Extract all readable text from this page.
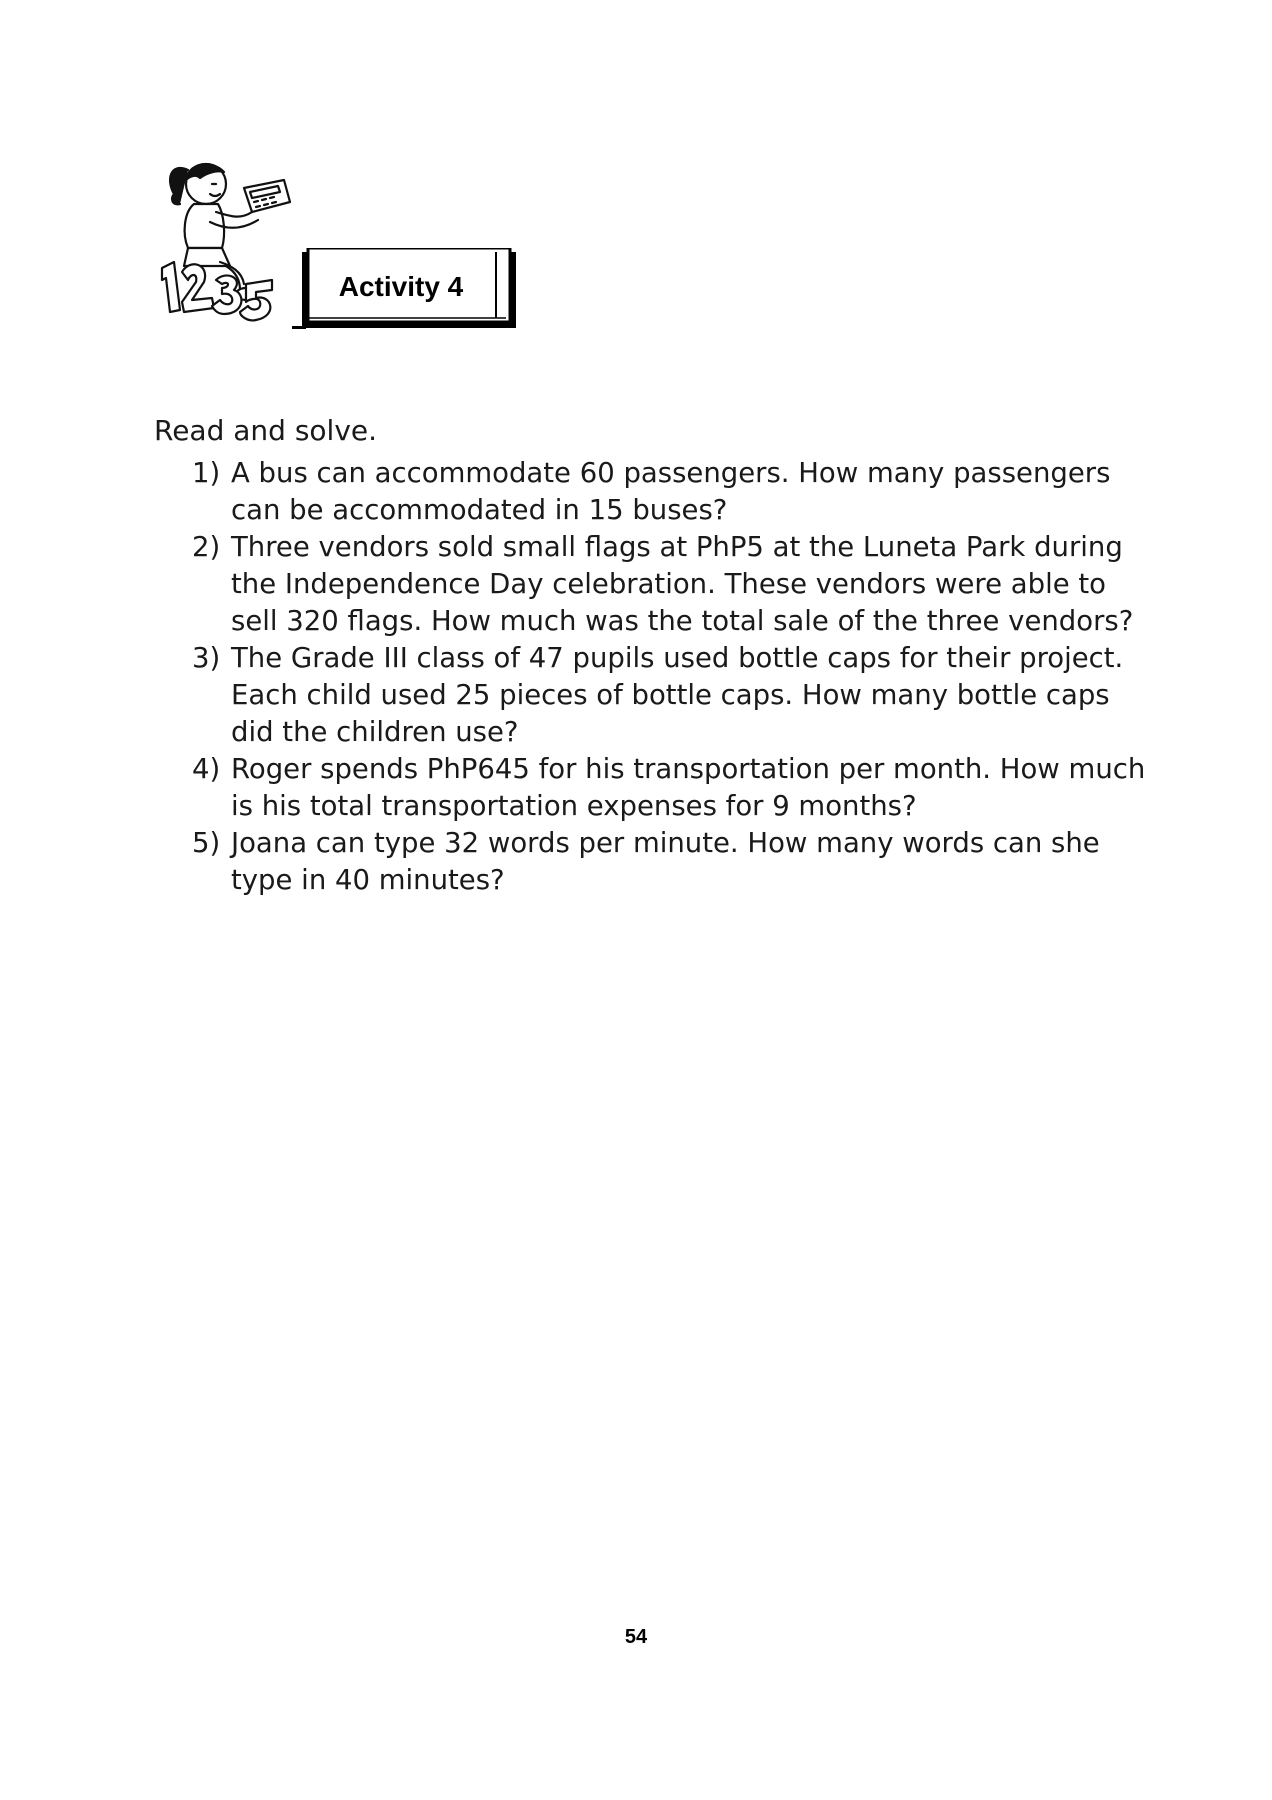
Activity 4
Read and solve.
1) A bus can accommodate 60 passengers. How many passengers can be accommodated in 15 buses?
2) Three vendors sold small flags at PhP5 at the Luneta Park during the Independence Day celebration. These vendors were able to sell 320 flags. How much was the total sale of the three vendors?
3) The Grade III class of 47 pupils used bottle caps for their project. Each child used 25 pieces of bottle caps. How many bottle caps did the children use?
4) Roger spends PhP645 for his transportation per month. How much is his total transportation expenses for 9 months?
5) Joana can type 32 words per minute. How many words can she type in 40 minutes?
54
